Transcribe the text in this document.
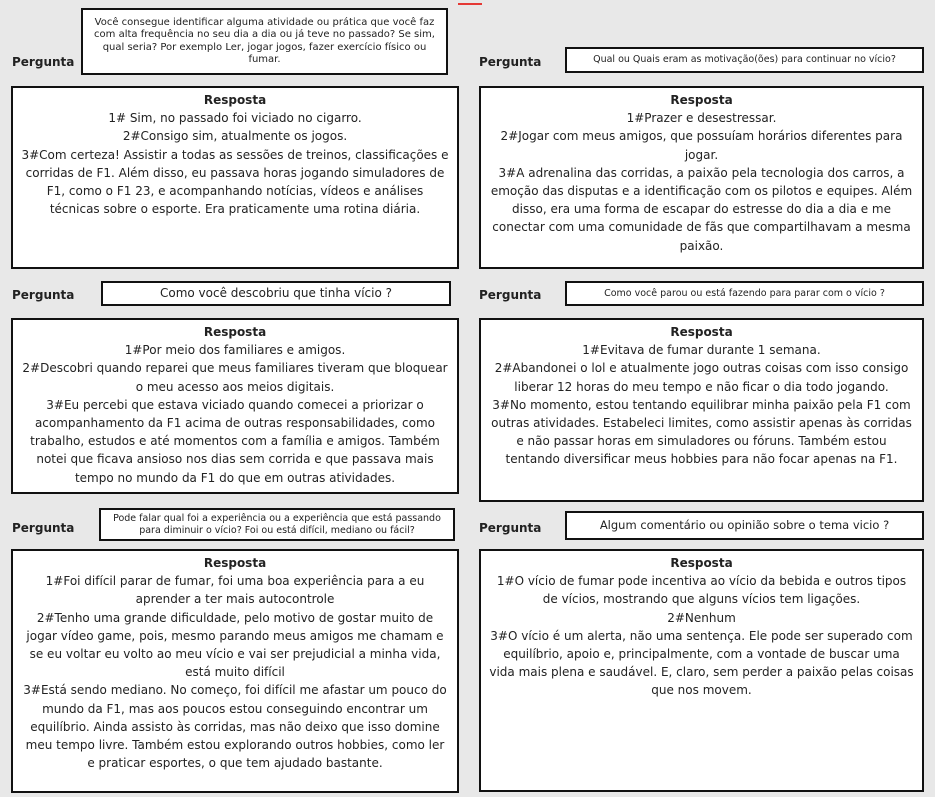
Pergunta
Você consegue identificar alguma atividade ou prática que você faz com alta frequência no seu dia a dia ou já teve no passado? Se sim, qual seria? Por exemplo Ler, jogar jogos, fazer exercício físico ou fumar.

Resposta

1# Sim, no passado foi viciado no cigarro.

2#Consigo sim, atualmente os jogos.

3#Com certeza! Assistir a todas as sessões de treinos, classificações e corridas de F1. Além disso, eu passava horas jogando simuladores de F1, como o F1 23, e acompanhando notícias, vídeos e análises técnicas sobre o esporte. Era praticamente uma rotina diária.

Pergunta	Como você descobriu que tinha vício ?

Resposta

1#Por meio dos familiares e amigos.

2#Descobri quando reparei que meus familiares tiveram que bloquear o meu acesso aos meios digitais.

3#Eu percebi que estava viciado quando comecei a priorizar o acompanhamento da F1 acima de outras responsabilidades, como trabalho, estudos e até momentos com a família e amigos. Também notei que ficava ansioso nos dias sem corrida e que passava mais tempo no mundo da F1 do que em outras atividades.

Pergunta
Pode falar qual foi a experiência ou a experiência que está passando para diminuir o vício? Foi ou está difícil, mediano ou fácil?

Resposta

1#Foi difícil parar de fumar, foi uma boa experiência para a eu aprender a ter mais autocontrole

2#Tenho uma grande dificuldade, pelo motivo de gostar muito de jogar vídeo game, pois, mesmo parando meus amigos me chamam e se eu voltar eu volto ao meu vício e vai ser prejudicial a minha vida, está muito difícil

3#Está sendo mediano. No começo, foi difícil me afastar um pouco do mundo da F1, mas aos poucos estou conseguindo encontrar um equilíbrio. Ainda assisto às corridas, mas não deixo que isso domine meu tempo livre. Também estou explorando outros hobbies, como ler e praticar esportes, o que tem ajudado bastante.

Pergunta	Qual ou Quais eram as motivação(ões) para continuar no vício?

Resposta

1#Prazer e desestressar.

2#Jogar com meus amigos, que possuíam horários diferentes para jogar.

3#A adrenalina das corridas, a paixão pela tecnologia dos carros, a emoção das disputas e a identificação com os pilotos e equipes. Além disso, era uma forma de escapar do estresse do dia a dia e me conectar com uma comunidade de fãs que compartilhavam a mesma paixão.

Pergunta	Como você parou ou está fazendo para parar com o vício ?

Resposta

1#Evitava de fumar durante 1 semana.

2#Abandonei o lol e atualmente jogo outras coisas com isso consigo liberar 12 horas do meu tempo e não ficar o dia todo jogando.

3#No momento, estou tentando equilibrar minha paixão pela F1 com outras atividades. Estabeleci limites, como assistir apenas às corridas e não passar horas em simuladores ou fóruns. Também estou tentando diversificar meus hobbies para não focar apenas na F1.

Pergunta	Algum comentário ou opinião sobre o tema vicio ?

Resposta

1#O vício de fumar pode incentiva ao vício da bebida e outros tipos de vícios, mostrando que alguns vícios tem ligações.

2#Nenhum

3#O vício é um alerta, não uma sentença. Ele pode ser superado com equilíbrio, apoio e, principalmente, com a vontade de buscar uma vida mais plena e saudável. E, claro, sem perder a paixão pelas coisas que nos movem.
